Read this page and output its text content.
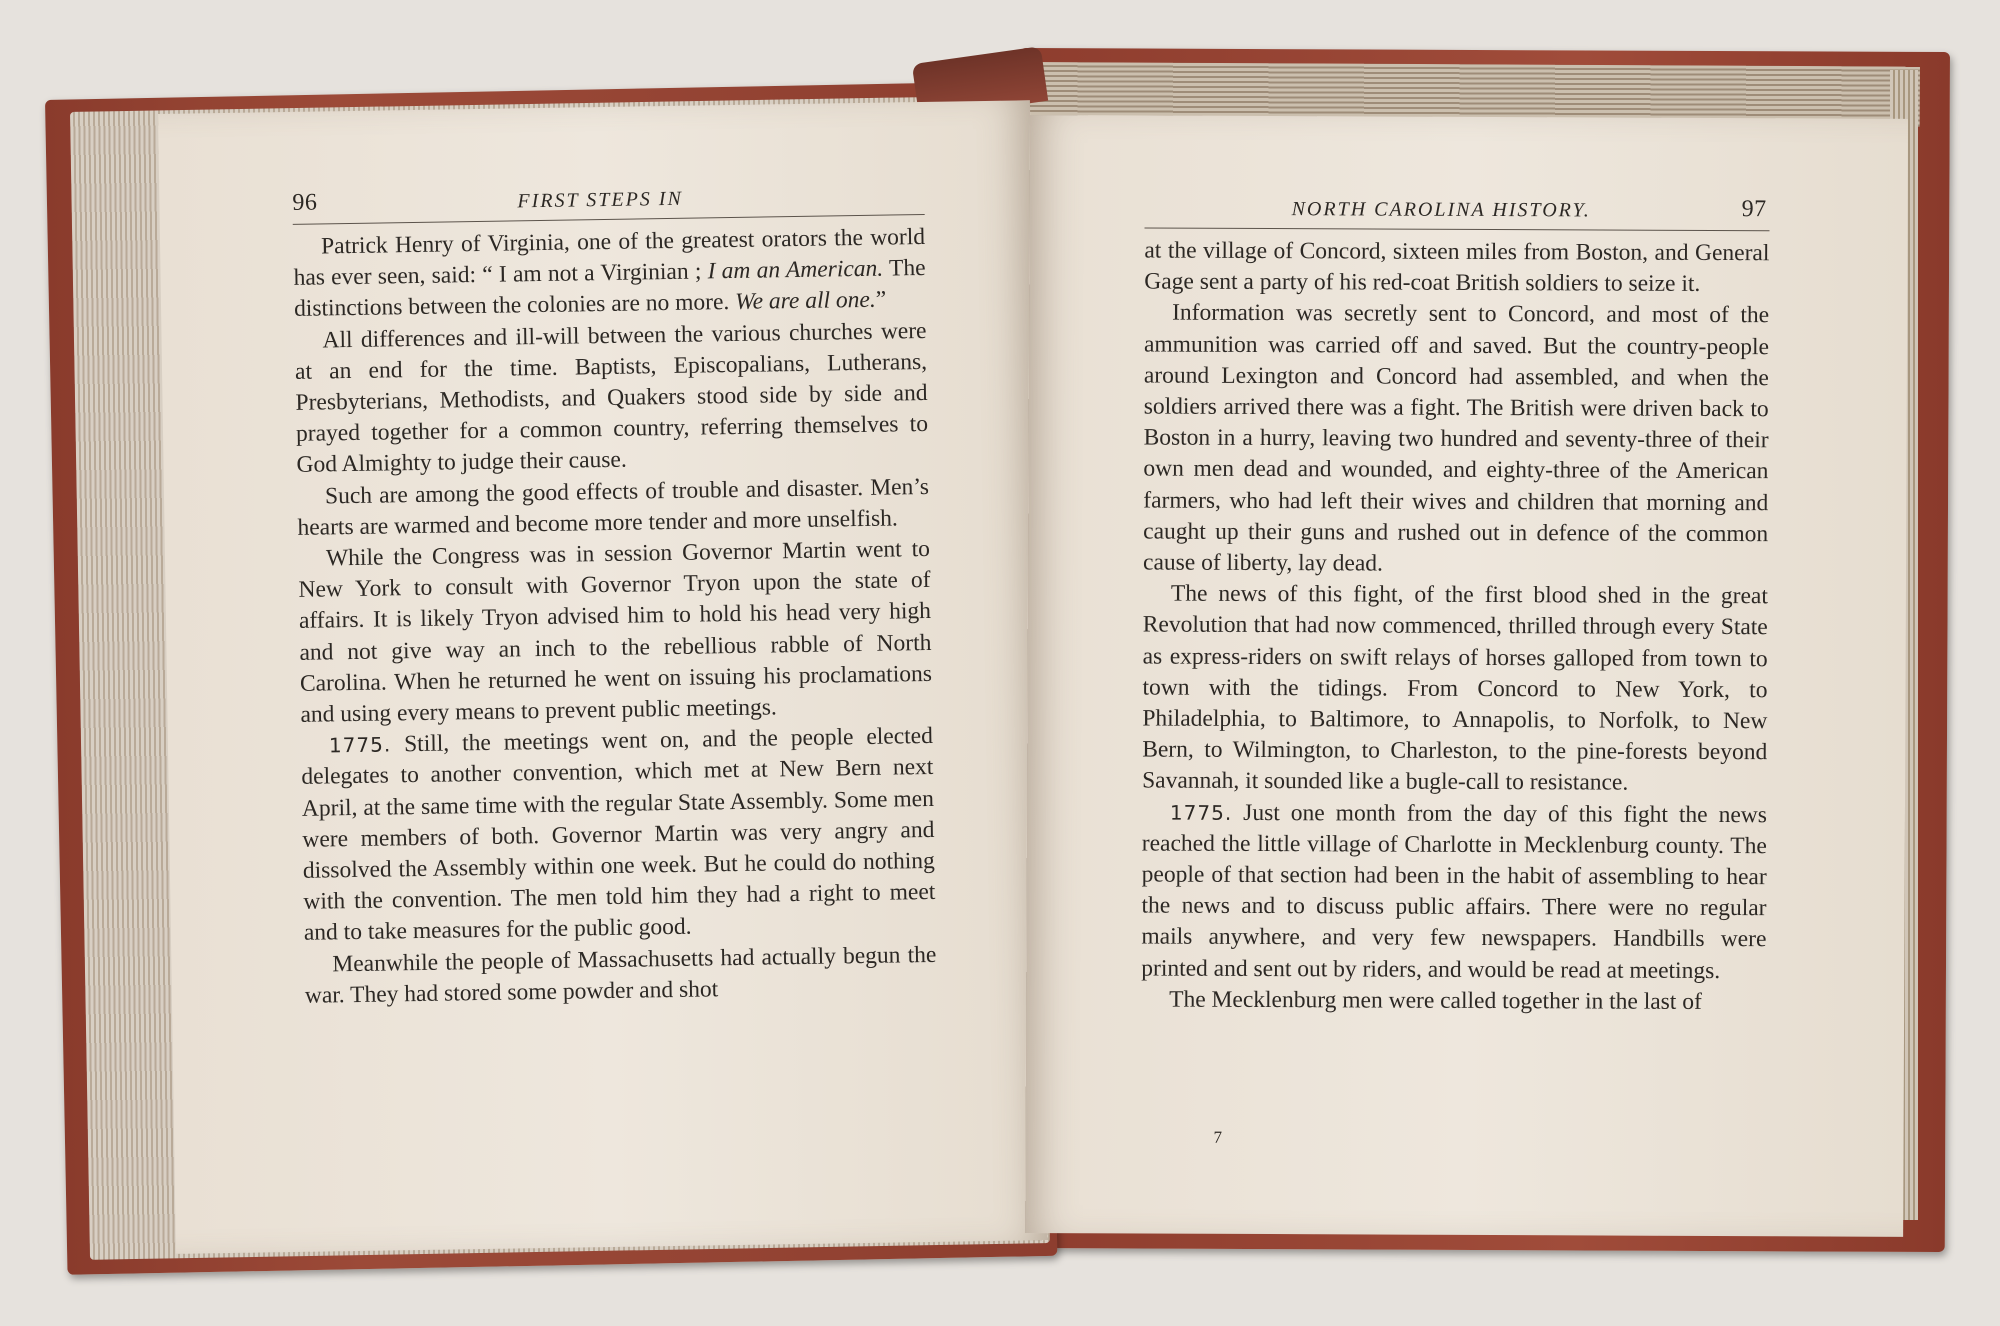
96	FIRST STEPS IN

Patrick Henry of Virginia, one of the greatest orators the world has ever seen, said: “ I am not a Virginian ; I am an American. The distinctions between the colonies are no more. We are all one.”

All differences and ill-will between the various churches were at an end for the time. Baptists, Episcopalians, Lutherans, Presbyterians, Methodists, and Quakers stood side by side and prayed together for a common country, referring themselves to God Almighty to judge their cause.

Such are among the good effects of trouble and disaster. Men’s hearts are warmed and become more tender and more unselfish.

While the Congress was in session Governor Martin went to New York to consult with Governor Tryon upon the state of affairs. It is likely Tryon advised him to hold his head very high and not give way an inch to the rebellious rabble of North Carolina. When he returned he went on issuing his proclamations and using every means to prevent public meetings.

1775. Still, the meetings went on, and the people elected delegates to another convention, which met at New Bern next April, at the same time with the regular State Assembly. Some men were members of both. Governor Martin was very angry and dissolved the Assembly within one week. But he could do nothing with the convention. The men told him they had a right to meet and to take measures for the public good.

Meanwhile the people of Massachusetts had actually begun the war. They had stored some powder and shot

NORTH CAROLINA HISTORY.	97

at the village of Concord, sixteen miles from Boston, and General Gage sent a party of his red-coat British soldiers to seize it.

Information was secretly sent to Concord, and most of the ammunition was carried off and saved. But the country-people around Lexington and Concord had assembled, and when the soldiers arrived there was a fight. The British were driven back to Boston in a hurry, leaving two hundred and seventy-three of their own men dead and wounded, and eighty-three of the American farmers, who had left their wives and children that morning and caught up their guns and rushed out in defence of the common cause of liberty, lay dead.

The news of this fight, of the first blood shed in the great Revolution that had now commenced, thrilled through every State as express-riders on swift relays of horses galloped from town to town with the tidings. From Concord to New York, to Philadelphia, to Baltimore, to Annapolis, to Norfolk, to New Bern, to Wilmington, to Charleston, to the pine-forests beyond Savannah, it sounded like a bugle-call to resistance.

1775. Just one month from the day of this fight the news reached the little village of Charlotte in Mecklenburg county. The people of that section had been in the habit of assembling to hear the news and to discuss public affairs. There were no regular mails anywhere, and very few newspapers. Handbills were printed and sent out by riders, and would be read at meetings.

The Mecklenburg men were called together in the last of

7
